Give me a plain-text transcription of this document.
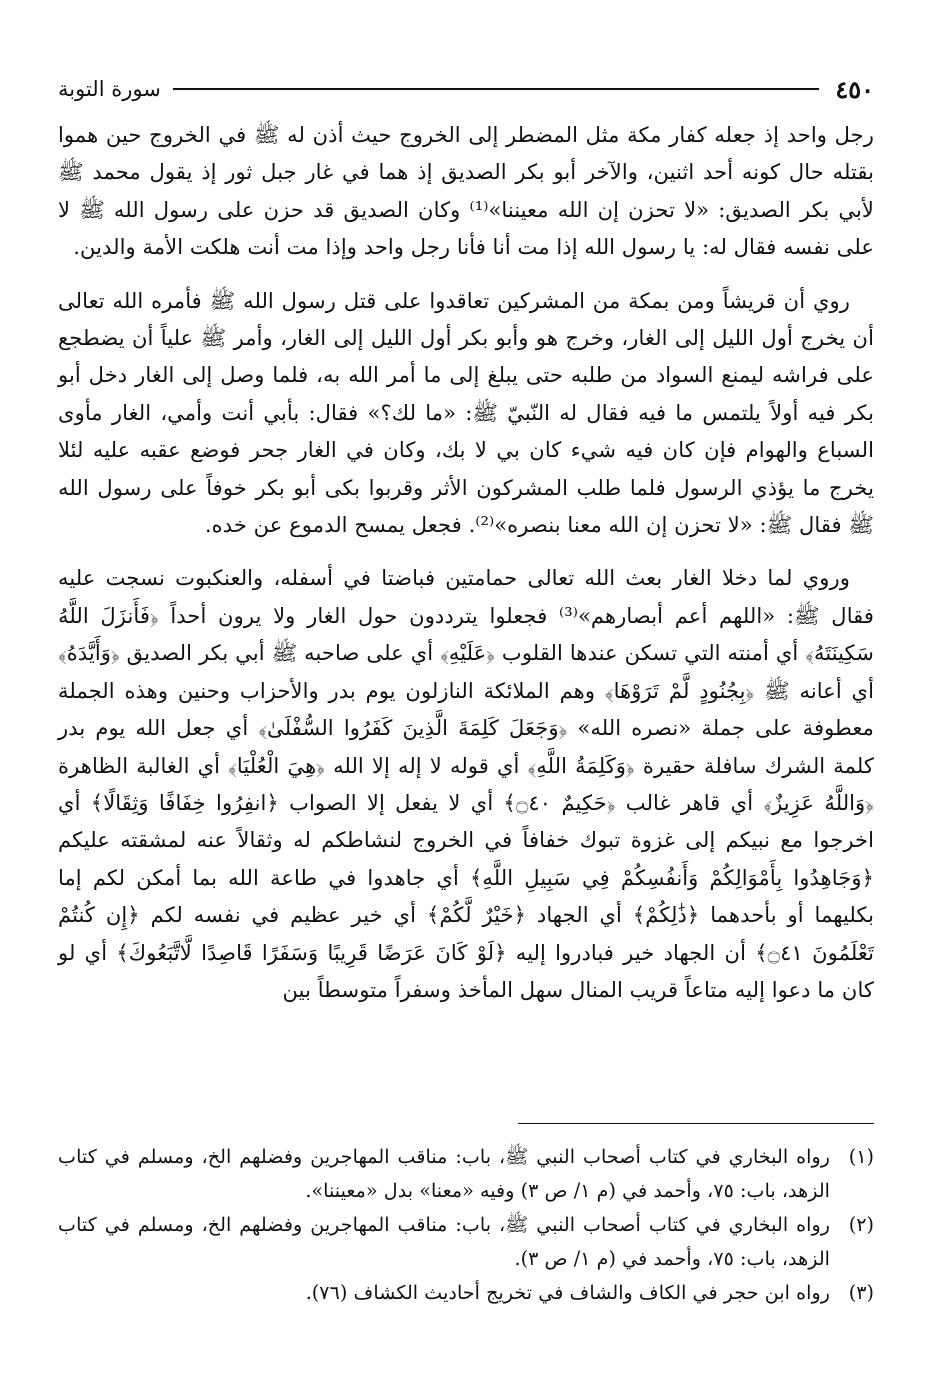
٤٥٠
سورة التوبة

رجل واحد إذ جعله كفار مكة مثل المضطر إلى الخروج حيث أذن له ﷺ في الخروج حين هموا بقتله حال كونه أحد اثنين، والآخر أبو بكر الصديق إذ هما في غار جبل ثور إذ يقول محمد ﷺ لأبي بكر الصديق: «لا تحزن إن الله معيننا»⁽¹⁾ وكان الصديق قد حزن على رسول الله ﷺ لا على نفسه فقال له: يا رسول الله إذا مت أنا فأنا رجل واحد وإذا مت أنت هلكت الأمة والدين.

روي أن قريشاً ومن بمكة من المشركين تعاقدوا على قتل رسول الله ﷺ فأمره الله تعالى أن يخرج أول الليل إلى الغار، وخرج هو وأبو بكر أول الليل إلى الغار، وأمر ﷺ علياً أن يضطجع على فراشه ليمنع السواد من طلبه حتى يبلغ إلى ما أمر الله به، فلما وصل إلى الغار دخل أبو بكر فيه أولاً يلتمس ما فيه فقال له النّبيّ ﷺ: «ما لك؟» فقال: بأبي أنت وأمي، الغار مأوى السباع والهوام فإن كان فيه شيء كان بي لا بك، وكان في الغار جحر فوضع عقبه عليه لئلا يخرج ما يؤذي الرسول فلما طلب المشركون الأثر وقربوا بكى أبو بكر خوفاً على رسول الله ﷺ فقال ﷺ: «لا تحزن إن الله معنا بنصره»⁽²⁾. فجعل يمسح الدموع عن خده.

وروي لما دخلا الغار بعث الله تعالى حمامتين فباضتا في أسفله، والعنكبوت نسجت عليه فقال ﷺ: «اللهم أعم أبصارهم»⁽³⁾ فجعلوا يترددون حول الغار ولا يرون أحداً ﴿فَأَنزَلَ اللَّهُ سَكِينَتَهُ﴾ أي أمنته التي تسكن عندها القلوب ﴿عَلَيْهِ﴾ أي على صاحبه ﷺ أبي بكر الصديق ﴿وَأَيَّدَهُ﴾ أي أعانه ﷺ ﴿بِجُنُودٍ لَّمْ تَرَوْهَا﴾ وهم الملائكة النازلون يوم بدر والأحزاب وحنين وهذه الجملة معطوفة على جملة «نصره الله» ﴿وَجَعَلَ كَلِمَةَ الَّذِينَ كَفَرُوا السُّفْلَىٰ﴾ أي جعل الله يوم بدر كلمة الشرك سافلة حقيرة ﴿وَكَلِمَةُ اللَّهِ﴾ أي قوله لا إله إلا الله ﴿هِيَ الْعُلْيَا﴾ أي الغالبة الظاهرة ﴿وَاللَّهُ عَزِيزٌ﴾ أي قاهر غالب ﴿حَكِيمٌ ۝٤٠﴾ أي لا يفعل إلا الصواب ﴿انفِرُوا خِفَافًا وَثِقَالًا﴾ أي اخرجوا مع نبيكم إلى غزوة تبوك خفافاً في الخروج لنشاطكم له وثقالاً عنه لمشقته عليكم ﴿وَجَاهِدُوا بِأَمْوَالِكُمْ وَأَنفُسِكُمْ فِي سَبِيلِ اللَّهِ﴾ أي جاهدوا في طاعة الله بما أمكن لكم إما بكليهما أو بأحدهما ﴿ذَٰلِكُمْ﴾ أي الجهاد ﴿خَيْرٌ لَّكُمْ﴾ أي خير عظيم في نفسه لكم ﴿إِن كُنتُمْ تَعْلَمُونَ ۝٤١﴾ أن الجهاد خير فبادروا إليه ﴿لَوْ كَانَ عَرَضًا قَرِيبًا وَسَفَرًا قَاصِدًا لَّاتَّبَعُوكَ﴾ أي لو كان ما دعوا إليه متاعاً قريب المنال سهل المأخذ وسفراً متوسطاً بين

(١)
رواه البخاري في كتاب أصحاب النبي ﷺ، باب: مناقب المهاجرين وفضلهم الخ، ومسلم في كتاب الزهد، باب: ٧٥، وأحمد في (م ١/ ص ٣) وفيه «معنا» بدل «معيننا».
(٢)
رواه البخاري في كتاب أصحاب النبي ﷺ، باب: مناقب المهاجرين وفضلهم الخ، ومسلم في كتاب الزهد، باب: ٧٥، وأحمد في (م ١/ ص ٣).
(٣)
رواه ابن حجر في الكاف والشاف في تخريج أحاديث الكشاف (٧٦).
